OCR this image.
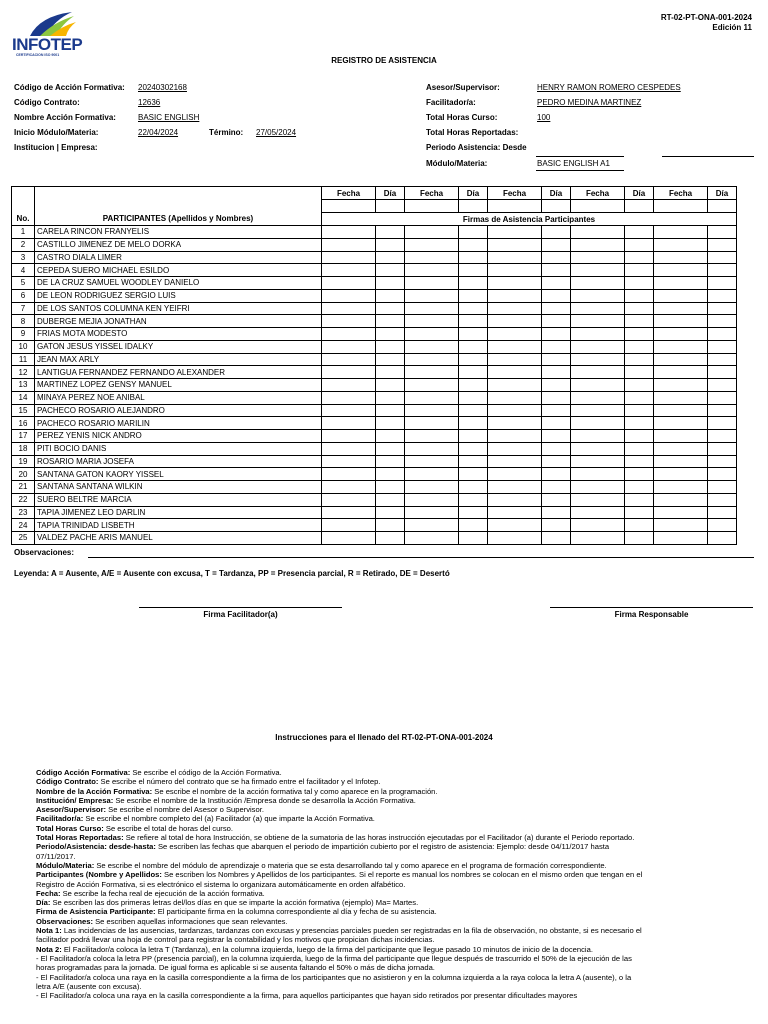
INFOTEP
CERTIFICACION ISO 9001
RT-02-PT-ONA-001-2024
Edición 11
REGISTRO DE ASISTENCIA
Código de Acción Formativa: 20240302168
Código Contrato:	12636
Nombre Acción Formativa:	BASIC ENGLISH
Inicio Módulo/Materia:	22/04/2024	Término: 27/05/2024
Institucion | Empresa:
Asesor/Supervisor:	HENRY RAMON ROMERO CESPEDES
Facilitador/a:	PEDRO MEDINA MARTINEZ
Total Horas Curso:	100
Total Horas Reportadas:
Periodo Asistencia: Desde
Módulo/Materia:	BASIC ENGLISH A1
		Fecha	Día	Fecha	Día	Fecha	Día	Fecha	Día	Fecha	Día

No.	PARTICIPANTES (Apellidos y Nombres)	Firmas de Asistencia Participantes									
1	CARELA RINCON FRANYELIS										
2	CASTILLO JIMENEZ DE MELO DORKA										
3	CASTRO DIALA LIMER										
4	CEPEDA SUERO MICHAEL ESILDO										
5	DE LA CRUZ SAMUEL WOODLEY DANIELO										
6	DE LEON RODRIGUEZ SERGIO LUIS										
7	DE LOS SANTOS COLUMNA KEN YEIFRI										
8	DUBERGE MEJIA JONATHAN										
9	FRIAS MOTA MODESTO										
10	GATON JESUS YISSEL IDALKY										
11	JEAN MAX ARLY										
12	LANTIGUA FERNANDEZ FERNANDO ALEXANDER										
13	MARTINEZ LOPEZ GENSY MANUEL										
14	MINAYA PEREZ NOE ANIBAL										
15	PACHECO ROSARIO ALEJANDRO										
16	PACHECO ROSARIO MARILIN										
17	PEREZ YENIS NICK ANDRO										
18	PITI BOCIO DANIS										
19	ROSARIO MARIA JOSEFA										
20	SANTANA GATON KAORY YISSEL										
21	SANTANA SANTANA WILKIN										
22	SUERO BELTRE MARCIA										
23	TAPIA JIMENEZ LEO DARLIN										
24	TAPIA TRINIDAD LISBETH										
25	VALDEZ PACHE ARIS MANUEL										
Observaciones:
Leyenda: A = Ausente, A/E = Ausente con excusa, T = Tardanza, PP = Presencia parcial, R = Retirado, DE = Desertó
Firma Facilitador(a)	Firma Responsable
Instrucciones para el llenado del RT-02-PT-ONA-001-2024

Código Acción Formativa: Se escribe el código de la Acción Formativa.

Código Contrato: Se escribe el número del contrato que se ha firmado entre el facilitador y el Infotep.

Nombre de la Acción Formativa: Se escribe el nombre de la acción formativa tal y como aparece en la programación.

Institución/ Empresa: Se escribe el nombre de la Institución /Empresa donde se desarrolla la Acción Formativa.

Asesor/Supervisor: Se escribe el nombre del Asesor o Supervisor.

Facilitador/a: Se escribe el nombre completo del (a) Facilitador (a) que imparte la Acción Formativa.

Total Horas Curso: Se escribe el total de horas del curso.

Total Horas Reportadas: Se refiere al total de hora Instrucción, se obtiene de la sumatoria de las horas instrucción ejecutadas por el Facilitador (a) durante el Periodo reportado.

Periodo/Asistencia: desde-hasta: Se escriben las fechas que abarquen el periodo de impartición cubierto por el registro de asistencia: Ejemplo: desde 04/11/2017 hasta 07/11/2017.

Módulo/Materia: Se escribe el nombre del módulo de aprendizaje o materia que se esta desarrollando tal y como aparece en el programa de formación correspondiente.

Participantes (Nombre y Apellidos: Se escriben los Nombres y Apellidos de los participantes. Si el reporte es manual los nombres se colocan en el mismo orden que tengan en el Registro de Acción Formativa, si es electrónico el sistema lo organizara automáticamente en orden alfabético.

Fecha: Se escribe la fecha real de ejecución de la acción formativa.

Día: Se escriben las dos primeras letras del/los días en que se imparte la acción formativa (ejemplo) Ma= Martes.

Firma de Asistencia Participante: El participante firma en la columna correspondiente al día y fecha de su asistencia.

Observaciones: Se escriben aquellas informaciones que sean relevantes.

Nota 1: Las incidencias de las ausencias, tardanzas, tardanzas con excusas y presencias parciales pueden ser registradas en la fila de observación, no obstante, si es necesario el facilitador podrá llevar una hoja de control para registrar la contabilidad y los motivos que propician dichas incidencias.

Nota 2: El Facilitador/a coloca la letra T (Tardanza), en la columna izquierda, luego de la firma del participante que llegue pasado 10 minutos de inicio de la docencia.

- El Facilitador/a coloca la letra PP (presencia parcial), en la columna izquierda, luego de la firma del participante que llegue después de trascurrido el 50% de la ejecución de las horas programadas para la jornada. De igual forma es aplicable si se ausenta faltando el 50% o más de dicha jornada.

- El Facilitador/a coloca una raya en la casilla correspondiente a la firma de los participantes que no asistieron y en la columna izquierda a la raya coloca la letra A (ausente), o la letra A/E (ausente con excusa).

- El Facilitador/a coloca una raya en la casilla correspondiente a la firma, para aquellos participantes que hayan sido retirados por presentar dificultades mayores
